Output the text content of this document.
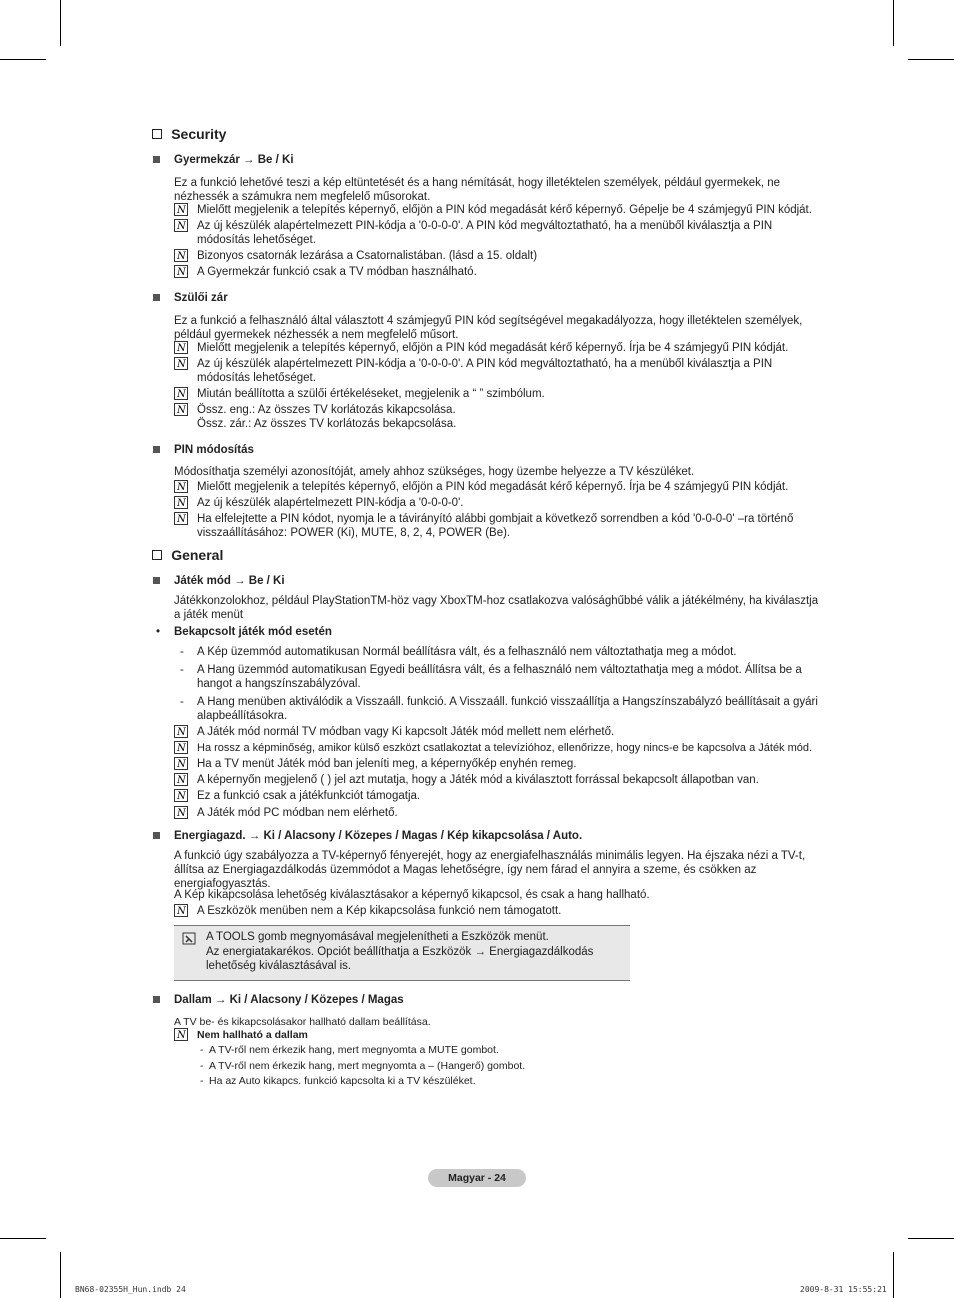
Security
Gyermekzár → Be / Ki
Ez a funkció lehetővé teszi a kép eltüntetését és a hang némítását, hogy illetéktelen személyek, például gyermekek, ne nézhessék a számukra nem megfelelő műsorokat.
N Mielőtt megjelenik a telepítés képernyő, előjön a PIN kód megadását kérő képernyő. Gépelje be 4 számjegyű PIN kódját.
N Az új készülék alapértelmezett PIN-kódja a '0-0-0-0'. A PIN kód megváltoztatható, ha a menüből kiválasztja a PIN módosítás lehetőséget.
N Bizonyos csatornák lezárása a Csatornalistában. (lásd a 15. oldalt)
N A Gyermekzár funkció csak a TV módban használható.
Szülői zár
Ez a funkció a felhasználó által választott 4 számjegyű PIN kód segítségével megakadályozza, hogy illetéktelen személyek, például gyermekek nézhessék a nem megfelelő műsort.
N Mielőtt megjelenik a telepítés képernyő, előjön a PIN kód megadását kérő képernyő. Írja be 4 számjegyű PIN kódját.
N Az új készülék alapértelmezett PIN-kódja a '0-0-0-0'. A PIN kód megváltoztatható, ha a menüből kiválasztja a PIN módosítás lehetőséget.
N Miután beállította a szülői értékeléseket, megjelenik a “ ” szimbólum.
N Össz. eng.: Az összes TV korlátozás kikapcsolása.
Össz. zár.: Az összes TV korlátozás bekapcsolása.
PIN módosítás
Módosíthatja személyi azonosítóját, amely ahhoz szükséges, hogy üzembe helyezze a TV készüléket.
N Mielőtt megjelenik a telepítés képernyő, előjön a PIN kód megadását kérő képernyő. Írja be 4 számjegyű PIN kódját.
N Az új készülék alapértelmezett PIN-kódja a '0-0-0-0'.
N Ha elfelejtette a PIN kódot, nyomja le a távirányító alábbi gombjait a következő sorrendben a kód '0-0-0-0' –ra történő visszaállításához: POWER (Ki), MUTE, 8, 2, 4, POWER (Be).
General
Játék mód → Be / Ki
Játékkonzolokhoz, például PlayStationTM-höz vagy XboxTM-hoz csatlakozva valósághűbbé válik a játékélmény, ha kiválasztja a játék menüt
• Bekapcsolt játék mód esetén
- A Kép üzemmód automatikusan Normál beállításra vált, és a felhasználó nem változtathatja meg a módot.
- A Hang üzemmód automatikusan Egyedi beállításra vált, és a felhasználó nem változtathatja meg a módot. Állítsa be a hangot a hangszínszabályzóval.
- A Hang menüben aktiválódik a Visszaáll. funkció. A Visszaáll. funkció visszaállítja a Hangszínszabályzó beállításait a gyári alapbeállításokra.
N A Játék mód normál TV módban vagy Ki kapcsolt Játék mód mellett nem elérhető.
N Ha rossz a képminőség, amikor külső eszközt csatlakoztat a televízióhoz, ellenőrizze, hogy nincs-e be kapcsolva a Játék mód.
N Ha a TV menüt Játék mód ban jeleníti meg, a képernyőkép enyhén remeg.
N A képernyőn megjelenő ( ) jel azt mutatja, hogy a Játék mód a kiválasztott forrással bekapcsolt állapotban van.
N Ez a funkció csak a játékfunkciót támogatja.
N A Játék mód PC módban nem elérhető.
Energiagazd. → Ki / Alacsony / Közepes / Magas / Kép kikapcsolása / Auto.
A funkció úgy szabályozza a TV-képernyő fényerejét, hogy az energiafelhasználás minimális legyen. Ha éjszaka nézi a TV-t, állítsa az Energiagazdálkodás üzemmódot a Magas lehetőségre, így nem fárad el annyira a szeme, és csökken az energiafogyasztás.
A Kép kikapcsolása lehetőség kiválasztásakor a képernyő kikapcsol, és csak a hang hallható.
N A Eszközök menüben nem a Kép kikapcsolása funkció nem támogatott.
A TOOLS gomb megnyomásával megjelenítheti a Eszközök menüt.
Az energiatakarékos. Opciót beállíthatja a Eszközök → Energiagazdálkodás lehetőség kiválasztásával is.
Dallam → Ki / Alacsony / Közepes / Magas
A TV be- és kikapcsolásakor hallható dallam beállítása.
N Nem hallható a dallam
- A TV-ről nem érkezik hang, mert megnyomta a MUTE gombot.
- A TV-ről nem érkezik hang, mert megnyomta a – (Hangerő) gombot.
- Ha az Auto kikapcs. funkció kapcsolta ki a TV készüléket.
Magyar - 24
BN68-02355H_Hun.indb 24	2009-8-31 15:55:21
